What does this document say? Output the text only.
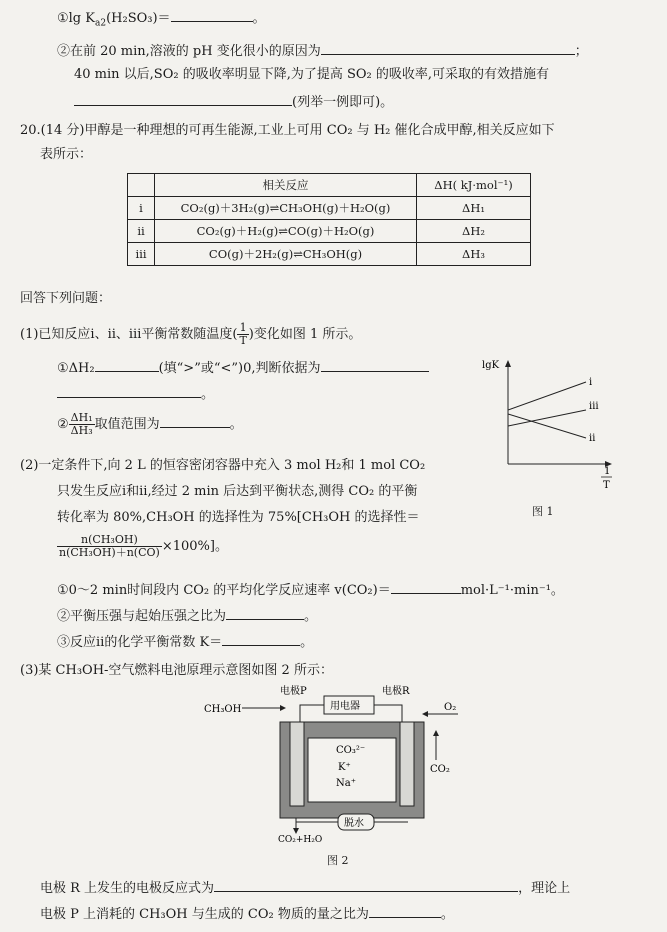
①lg $K_{a2}(H_2SO_3)=$	。
②在前 20 min,溶液的 pH 变化很小的原因为	；
40 min 以后,SO₂ 的吸收率明显下降,为了提高 SO₂ 的吸收率,可采取的有效措施有
(列举一例即可)。
20.(14 分)甲醇是一种理想的可再生能源,工业上可用 CO₂ 与 H₂ 催化合成甲醇,相关反应如下
表所示：
	相关反应	ΔH( kJ·mol⁻¹)
ⅰ	CO₂(g)＋3H₂(g)⇌CH₃OH(g)＋H₂O(g)	ΔH₁
ⅱ	CO₂(g)＋H₂(g)⇌CO(g)＋H₂O(g)	ΔH₂
ⅲ	CO(g)＋2H₂(g)⇌CH₃OH(g)	ΔH₃
回答下列问题：
(1)已知反应ⅰ、ⅱ、ⅲ平衡常数随温度( $\frac{1}{T}$ )变化如图 1 所示。
①ΔH₂	(填“>”或“<”)0,判断依据为
。
② $\frac{\text{ΔH₁}}{\text{ΔH₃}}$ 取值范围为	。
lgK
1
T
ⅰ
ⅲ
ⅱ
图 1
(2)一定条件下,向 2 L 的恒容密闭容器中充入 3 mol H₂和 1 mol CO₂
只发生反应ⅰ和ⅱ,经过 2 min 后达到平衡状态,测得 CO₂ 的平衡
转化率为 80%,CH₃OH 的选择性为 75%[CH₃OH 的选择性＝
$\frac{\text{n(CH₃OH)}}{\text{n(CH₃OH)＋n(CO)}} \times 100\%$]。
①0～2 min时间段内 CO₂ 的平均化学反应速率 v(CO₂)＝	mol·L⁻¹·min⁻¹。
②平衡压强与起始压强之比为	。
③反应ⅱ的化学平衡常数 K＝	。
(3)某 CH₃OH-空气燃料电池原理示意图如图 2 所示：
电极P	电极R
用电器
CH₃OH	O₂
CO₂
CO₃²⁻
K⁺
Na⁺
CO₂+H₂O
脱水
图 2
电极 R 上发生的电极反应式为	，理论上
电极 P 上消耗的 CH₃OH 与生成的 CO₂ 物质的量之比为	。
